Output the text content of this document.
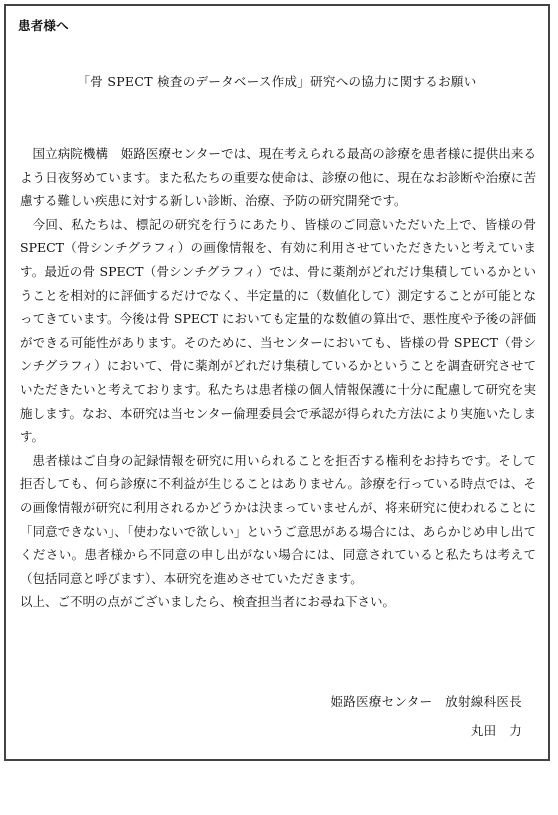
患者様へ
「骨 SPECT 検査のデータベース作成」研究への協力に関するお願い

国立病院機構　姫路医療センターでは、現在考えられる最高の診療を患者様に提供出来るよう日夜努めています。また私たちの重要な使命は、診療の他に、現在なお診断や治療に苦慮する難しい疾患に対する新しい診断、治療、予防の研究開発です。

今回、私たちは、標記の研究を行うにあたり、皆様のご同意いただいた上で、皆様の骨 SPECT（骨シンチグラフィ）の画像情報を、有効に利用させていただきたいと考えています。最近の骨 SPECT（骨シンチグラフィ）では、骨に薬剤がどれだけ集積しているかということを相対的に評価するだけでなく、半定量的に（数値化して）測定することが可能となってきています。今後は骨 SPECT においても定量的な数値の算出で、悪性度や予後の評価ができる可能性があります。そのために、当センターにおいても、皆様の骨 SPECT（骨シンチグラフィ）において、骨に薬剤がどれだけ集積しているかということを調査研究させていただきたいと考えております。私たちは患者様の個人情報保護に十分に配慮して研究を実施します。なお、本研究は当センター倫理委員会で承認が得られた方法により実施いたします。

患者様はご自身の記録情報を研究に用いられることを拒否する権利をお持ちです。そして拒否しても、何ら診療に不利益が生じることはありません。診療を行っている時点では、その画像情報が研究に利用されるかどうかは決まっていませんが、将来研究に使われることに「同意できない」、「使わないで欲しい」というご意思がある場合には、あらかじめ申し出てください。患者様から不同意の申し出がない場合には、同意されていると私たちは考えて（包括同意と呼びます）、本研究を進めさせていただきます。

以上、ご不明の点がございましたら、検査担当者にお尋ね下さい。

姫路医療センター　放射線科医長
丸田　力
